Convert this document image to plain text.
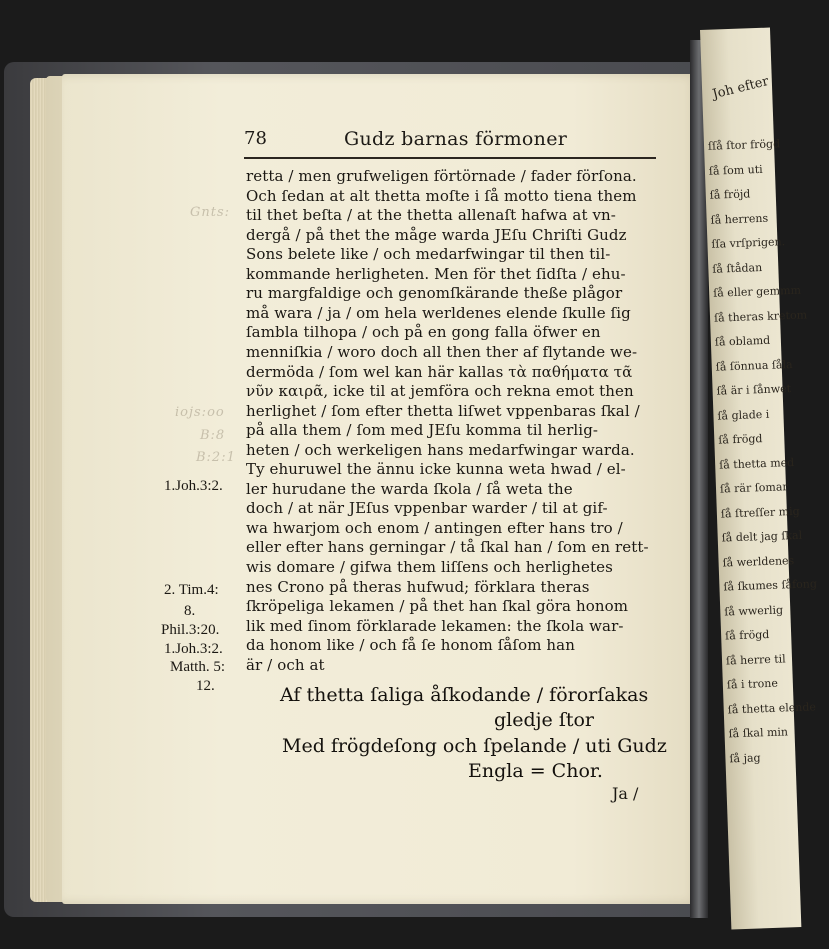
Gnts:
iojs:oo
B:8
B:2:1
78	Gudz barnas förmoner
retta / men grufweligen förtörnade / fader förſona.
Och ſedan at alt thetta moſte i ſå motto tiena them
til thet beſta / at the thetta allenaſt hafwa at vn-
dergå / på thet the måge warda JEſu Chriſti Gudz
Sons belete like / och medarfwingar til then til-
kommande herligheten. Men för thet ſidſta / ehu-
ru margfaldige och genomſkärande theße plågor
må wara / ja / om hela werldenes elende ſkulle ſig
ſambla tilhopa / och på en gong falla öfwer en
menniſkia / woro doch all then ther af flytande we-
dermöda / ſom wel kan här kallas τὰ παθήματα τᾶ
νῦν καιρᾶ, icke til at jemföra och rekna emot then
herlighet / ſom efter thetta liſwet vppenbaras ſkal /
på alla them / ſom med JEſu komma til herlig-
heten / och werkeligen hans medarfwingar warda.
Ty ehuruwel the ännu icke kunna weta hwad / el-
ler hurudane the warda ſkola / ſå weta the
doch / at när JEſus vppenbar warder / til at gif-
wa hwarjom och enom / antingen efter hans tro /
eller efter hans gerningar / tå ſkal han / ſom en rett-
wis domare / gifwa them liſſens och herlighetes
nes Crono på theras hufwud; förklara theras
ſkröpeliga lekamen / på thet han ſkal göra honom
lik med ſinom förklarade lekamen: the ſkola war-
da honom like / och få ſe honom ſåſom han
är / och at
1.Joh.3:2.
2. Tim.4:
8.
Phil.3:20.
1.Joh.3:2.
Matth. 5:
12.	Af thetta ſaliga åſkodande / förorſakas
gledje ſtor
Med frögdeſong och ſpelande / uti Gudz
Engla = Chor.
Ja /
Joh efter
ſſå ſtor frögd
ſå ſom uti
ſå fröjd
ſå herrens
ſſa vrſprigen.
ſå ſtådan
ſå eller gemmm
ſå theras kretom
ſå oblamd
ſå ſönnua ſåla
ſå är i ſånwet
ſå glade i
ſå frögd
ſå thetta med
ſå rär ſomar
ſå ſtreſſer mig
ſå delt jag ſkal
ſå werldenes
ſå ſkumes ſåfong
ſå wwerlig
ſå frögd
ſå herre til
ſå i trone
ſå thetta elende
ſå ſkal min
ſå jag
